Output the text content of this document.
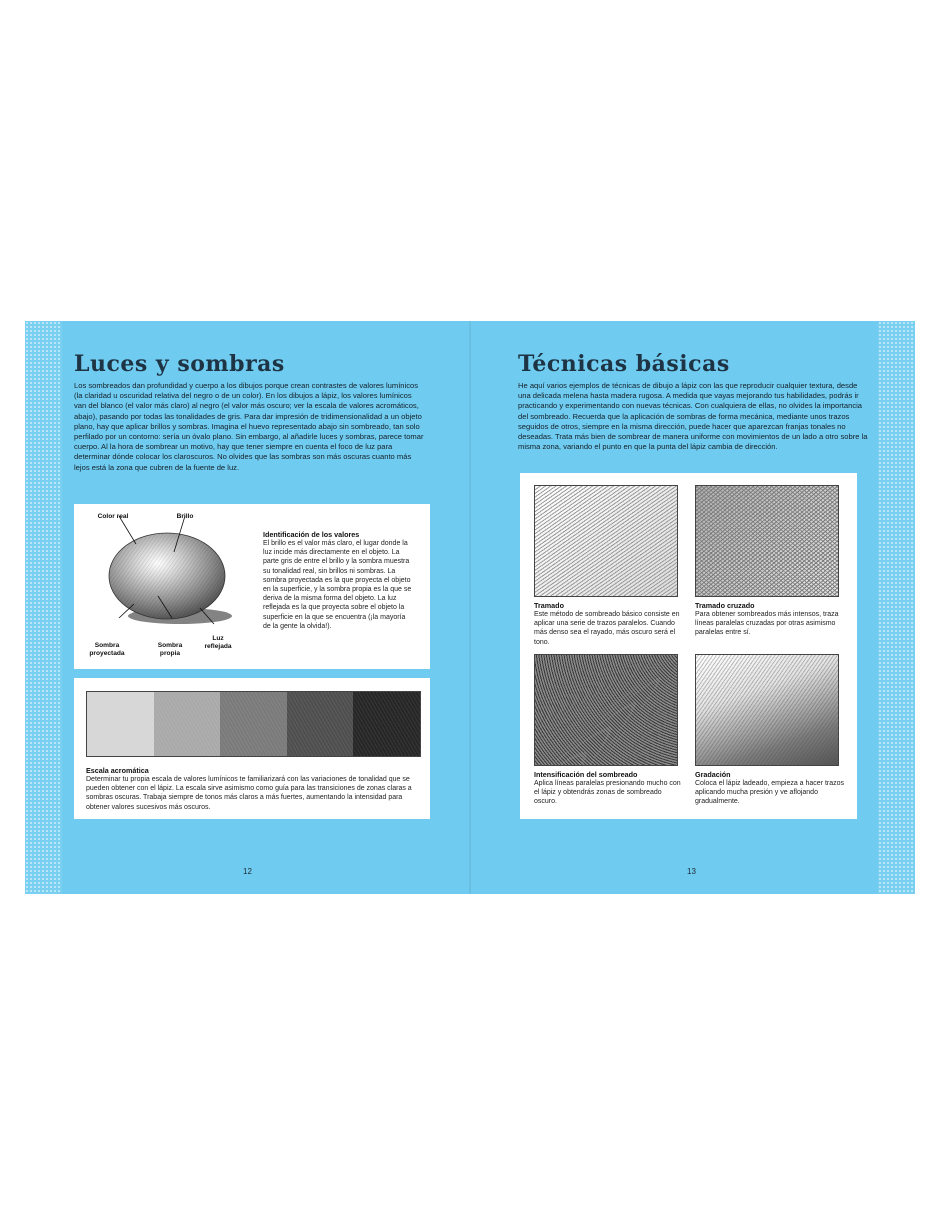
Luces y sombras

Los sombreados dan profundidad y cuerpo a los dibujos porque crean contrastes de valores lumínicos (la claridad u oscuridad relativa del negro o de un color). En los dibujos a lápiz, los valores lumínicos van del blanco (el valor más claro) al negro (el valor más oscuro; ver la escala de valores acromáticos, abajo), pasando por todas las tonalidades de gris. Para dar impresión de tridimensionalidad a un objeto plano, hay que aplicar brillos y sombras. Imagina el huevo representado abajo sin sombreado, tan solo perfilado por un contorno: sería un óvalo plano. Sin embargo, al añadirle luces y sombras, parece tomar cuerpo. Al la hora de sombrear un motivo, hay que tener siempre en cuenta el foco de luz para determinar dónde colocar los claroscuros. No olvides que las sombras son más oscuras cuanto más lejos está la zona que cubren de la fuente de luz.

Color real	Brillo
Sombra proyectada
Sombra propia
Luz reflejada

Identificación de los valores

El brillo es el valor más claro, el lugar donde la luz incide más directamente en el objeto. La parte gris de entre el brillo y la sombra muestra su tonalidad real, sin brillos ni sombras. La sombra proyectada es la que proyecta el objeto en la superficie, y la sombra propia es la que se deriva de la misma forma del objeto. La luz reflejada es la que proyecta sobre el objeto la superficie en la que se encuentra (¡la mayoría de la gente la olvida!).

Escala acromática

Determinar tu propia escala de valores lumínicos te familiarizará con las variaciones de tonalidad que se pueden obtener con el lápiz. La escala sirve asimismo como guía para las transiciones de zonas claras a sombras oscuras. Trabaja siempre de tonos más claros a más fuertes, aumentando la intensidad para obtener valores sucesivos más oscuros.

12
Técnicas básicas

He aquí varios ejemplos de técnicas de dibujo a lápiz con las que reproducir cualquier textura, desde una delicada melena hasta madera rugosa. A medida que vayas mejorando tus habilidades, podrás ir practicando y experimentando con nuevas técnicas. Con cualquiera de ellas, no olvides la importancia del sombreado. Recuerda que la aplicación de sombras de forma mecánica, mediante unos trazos seguidos de otros, siempre en la misma dirección, puede hacer que aparezcan franjas tonales no deseadas. Trata más bien de sombrear de manera uniforme con movimientos de un lado a otro sobre la misma zona, variando el punto en que la punta del lápiz cambia de dirección.

Tramado

Este método de sombreado básico consiste en aplicar una serie de trazos paralelos. Cuando más denso sea el rayado, más oscuro será el tono.

Tramado cruzado

Para obtener sombreados más intensos, traza líneas paralelas cruzadas por otras asimismo paralelas entre sí.

Intensificación del sombreado

Aplica líneas paralelas presionando mucho con el lápiz y obtendrás zonas de sombreado oscuro.

Gradación

Coloca el lápiz ladeado, empieza a hacer trazos aplicando mucha presión y ve aflojando gradualmente.

13
